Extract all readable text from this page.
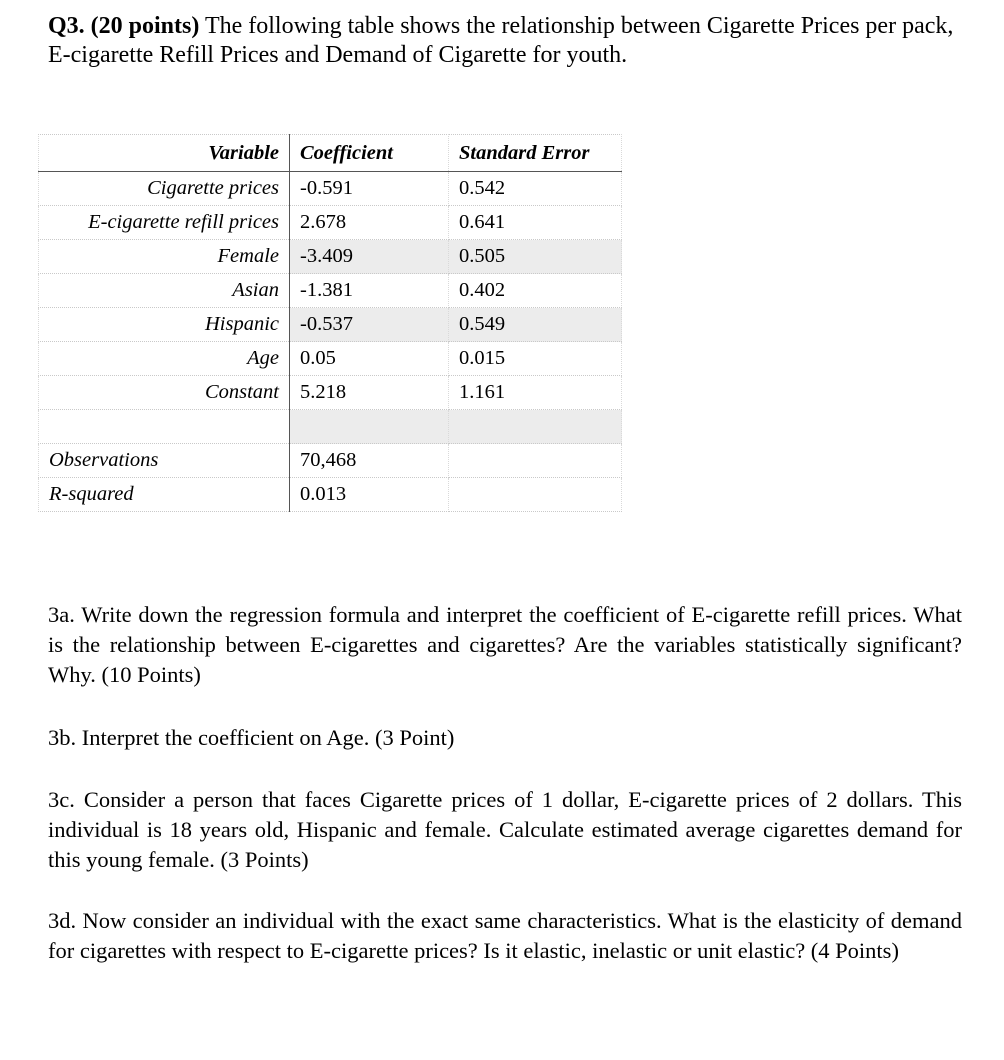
Q3. (20 points) The following table shows the relationship between Cigarette Prices per pack, E-cigarette Refill Prices and Demand of Cigarette for youth.

Variable	Coefficient	Standard Error
Cigarette prices	-0.591	0.542
E-cigarette refill prices	2.678	0.641
Female	-3.409	0.505
Asian	-1.381	0.402
Hispanic	-0.537	0.549
Age	0.05	0.015
Constant	5.218	1.161

Observations	70,468	
R-squared	0.013	

3a. Write down the regression formula and interpret the coefficient of E-cigarette refill prices. What is the relationship between E-cigarettes and cigarettes? Are the variables statistically significant? Why. (10 Points)

3b. Interpret the coefficient on Age. (3 Point)

3c. Consider a person that faces Cigarette prices of 1 dollar, E-cigarette prices of 2 dollars. This individual is 18 years old, Hispanic and female. Calculate estimated average cigarettes demand for this young female. (3 Points)

3d. Now consider an individual with the exact same characteristics. What is the elasticity of demand for cigarettes with respect to E-cigarette prices? Is it elastic, inelastic or unit elastic? (4 Points)
